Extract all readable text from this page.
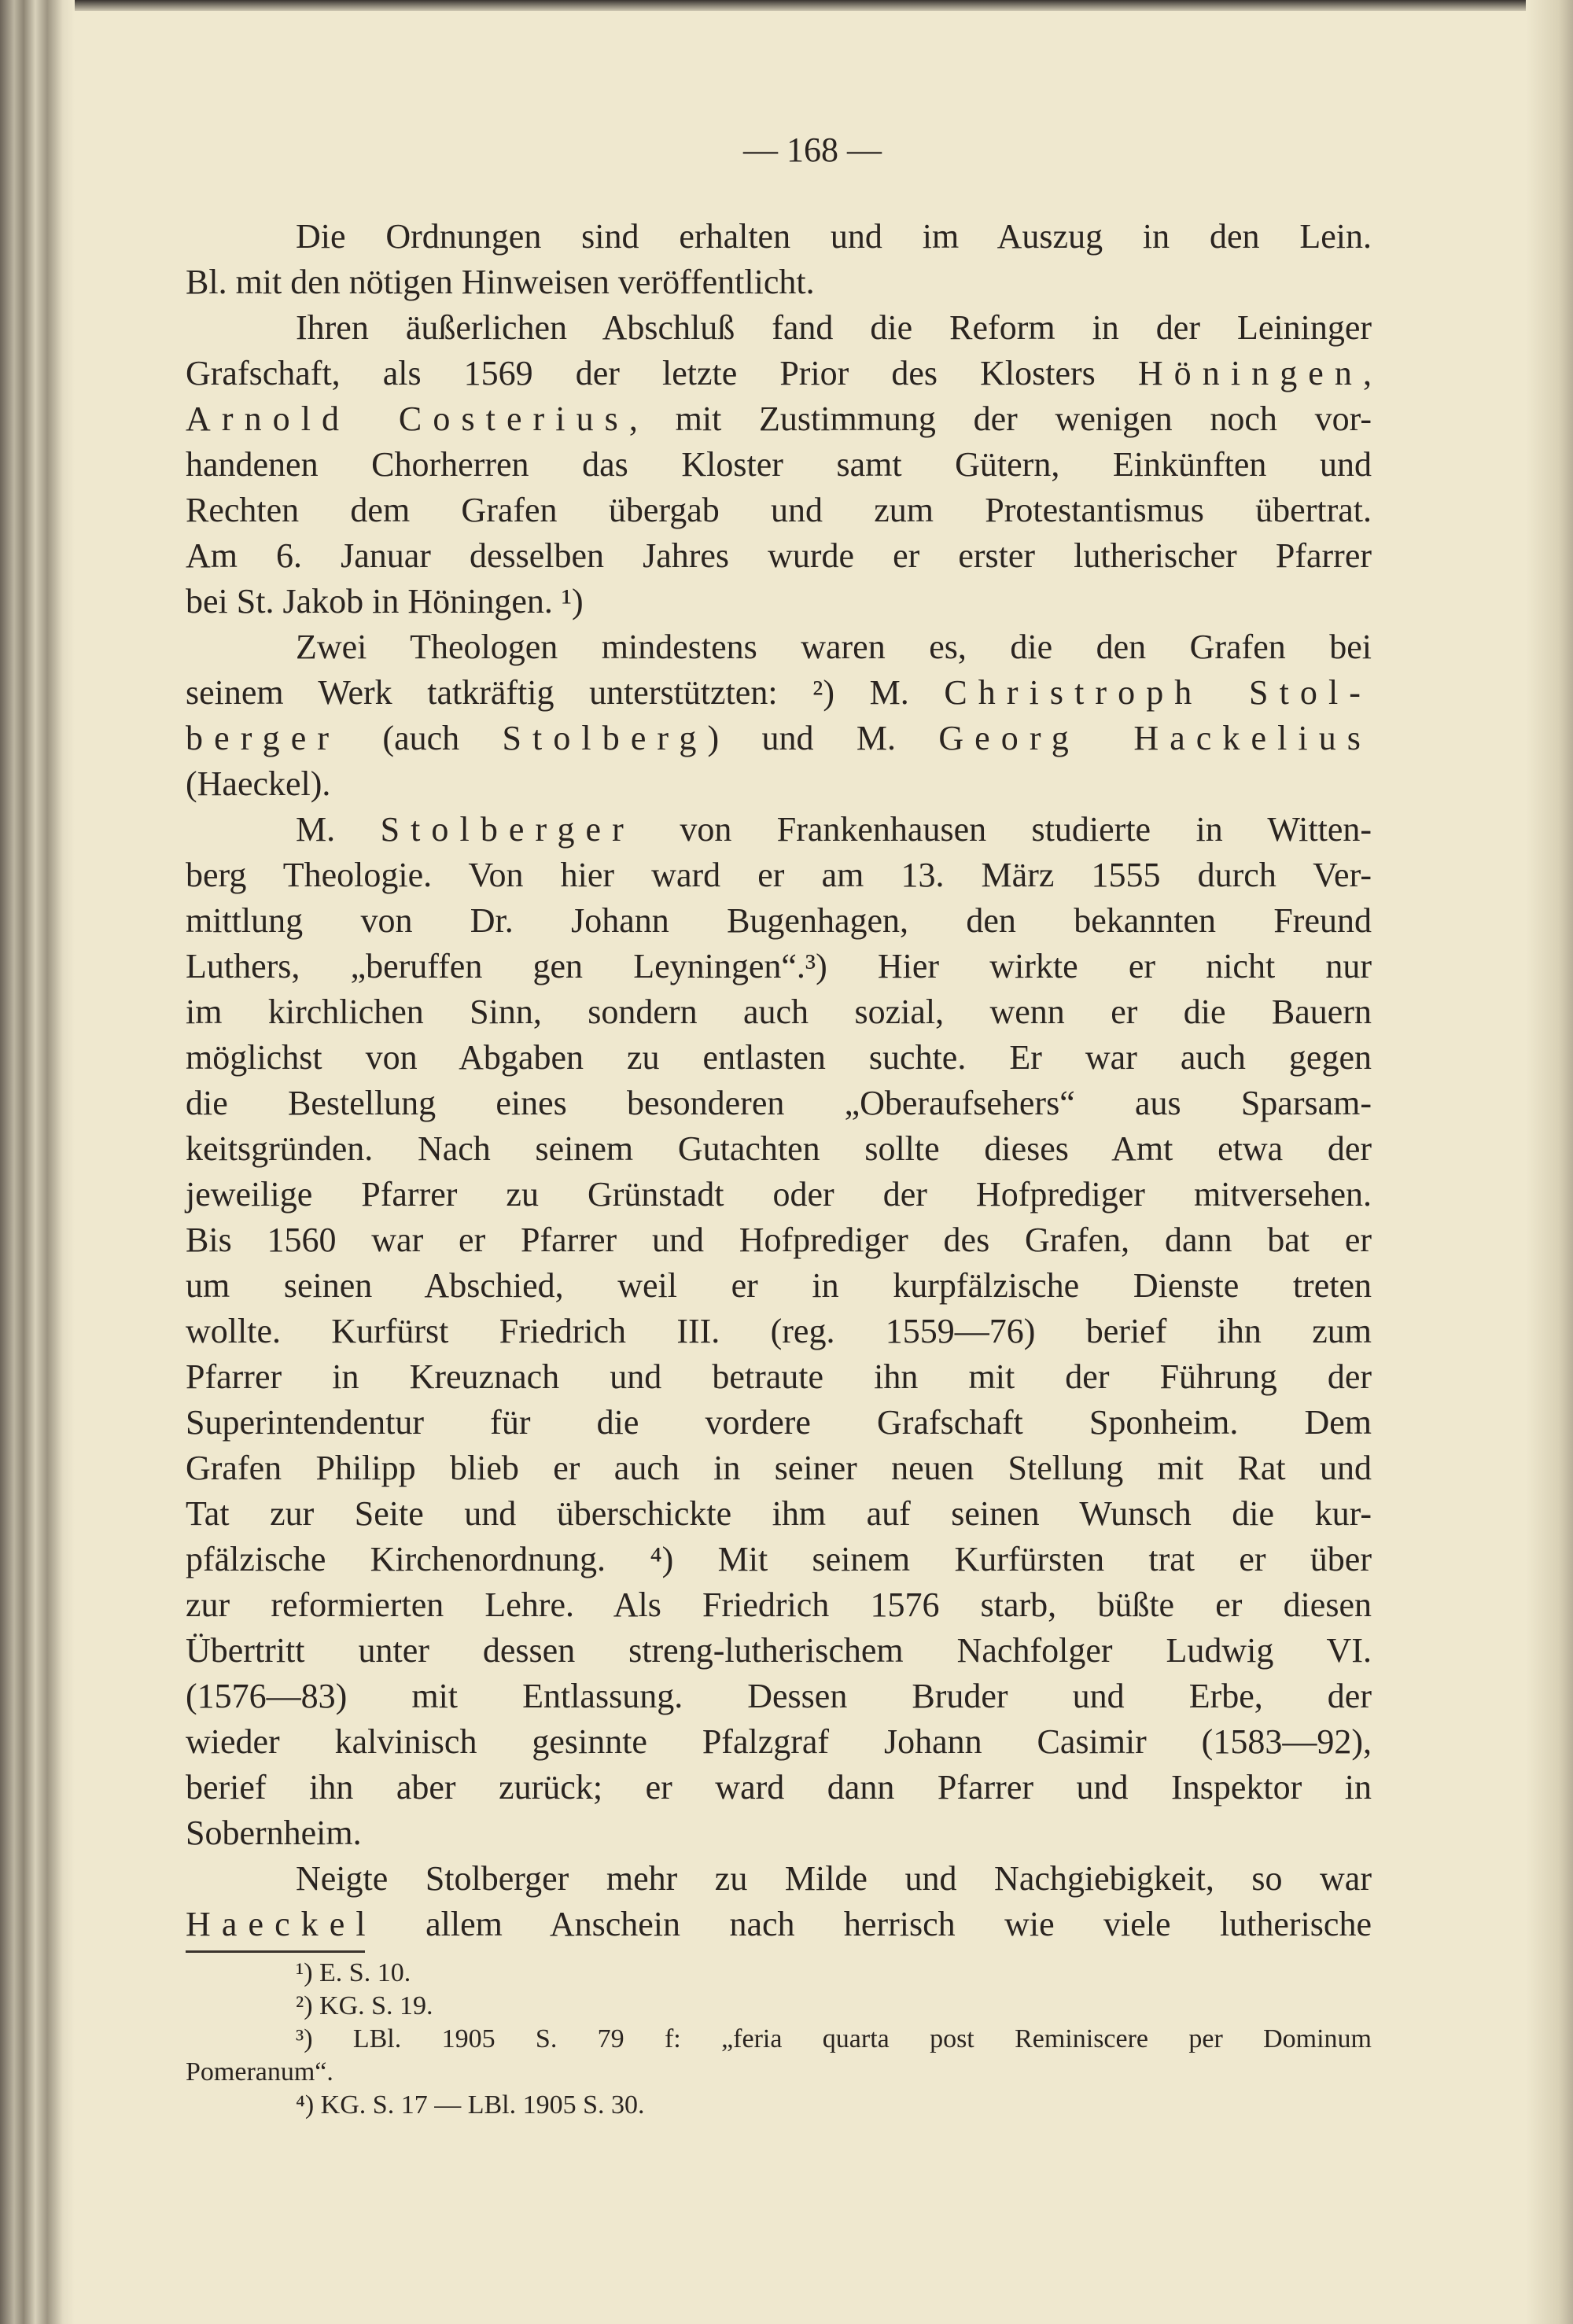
— 168 —
Die Ordnungen sind erhalten und im Auszug in den Lein.
Bl. mit den nötigen Hinweisen veröffentlicht.
Ihren äußerlichen Abschluß fand die Reform in der Leininger
Grafschaft, als 1569 der letzte Prior des Klosters Höningen,
Arnold Costerius, mit Zustimmung der wenigen noch vor-
handenen Chorherren das Kloster samt Gütern, Einkünften und
Rechten dem Grafen übergab und zum Protestantismus übertrat.
Am 6. Januar desselben Jahres wurde er erster lutherischer Pfarrer
bei St. Jakob in Höningen. ¹)
Zwei Theologen mindestens waren es, die den Grafen bei
seinem Werk tatkräftig unterstützten: ²) M. Christroph Stol-
berger (auch Stolberg) und M. Georg Hackelius
(Haeckel).
M. Stolberger von Frankenhausen studierte in Witten-
berg Theologie. Von hier ward er am 13. März 1555 durch Ver-
mittlung von Dr. Johann Bugenhagen, den bekannten Freund
Luthers, „beruffen gen Leyningen“.³) Hier wirkte er nicht nur
im kirchlichen Sinn, sondern auch sozial, wenn er die Bauern
möglichst von Abgaben zu entlasten suchte. Er war auch gegen
die Bestellung eines besonderen „Oberaufsehers“ aus Sparsam-
keitsgründen. Nach seinem Gutachten sollte dieses Amt etwa der
jeweilige Pfarrer zu Grünstadt oder der Hofprediger mitversehen.
Bis 1560 war er Pfarrer und Hofprediger des Grafen, dann bat er
um seinen Abschied, weil er in kurpfälzische Dienste treten
wollte. Kurfürst Friedrich III. (reg. 1559—76) berief ihn zum
Pfarrer in Kreuznach und betraute ihn mit der Führung der
Superintendentur für die vordere Grafschaft Sponheim. Dem
Grafen Philipp blieb er auch in seiner neuen Stellung mit Rat und
Tat zur Seite und überschickte ihm auf seinen Wunsch die kur-
pfälzische Kirchenordnung. ⁴) Mit seinem Kurfürsten trat er über
zur reformierten Lehre. Als Friedrich 1576 starb, büßte er diesen
Übertritt unter dessen streng-lutherischem Nachfolger Ludwig VI.
(1576—83) mit Entlassung. Dessen Bruder und Erbe, der
wieder kalvinisch gesinnte Pfalzgraf Johann Casimir (1583—92),
berief ihn aber zurück; er ward dann Pfarrer und Inspektor in
Sobernheim.
Neigte Stolberger mehr zu Milde und Nachgiebigkeit, so war
Haeckel allem Anschein nach herrisch wie viele lutherische
¹) E. S. 10.
²) KG. S. 19.
³) LBl. 1905 S. 79 f: „feria quarta post Reminiscere per Dominum
Pomeranum“.
⁴) KG. S. 17 — LBl. 1905 S. 30.
